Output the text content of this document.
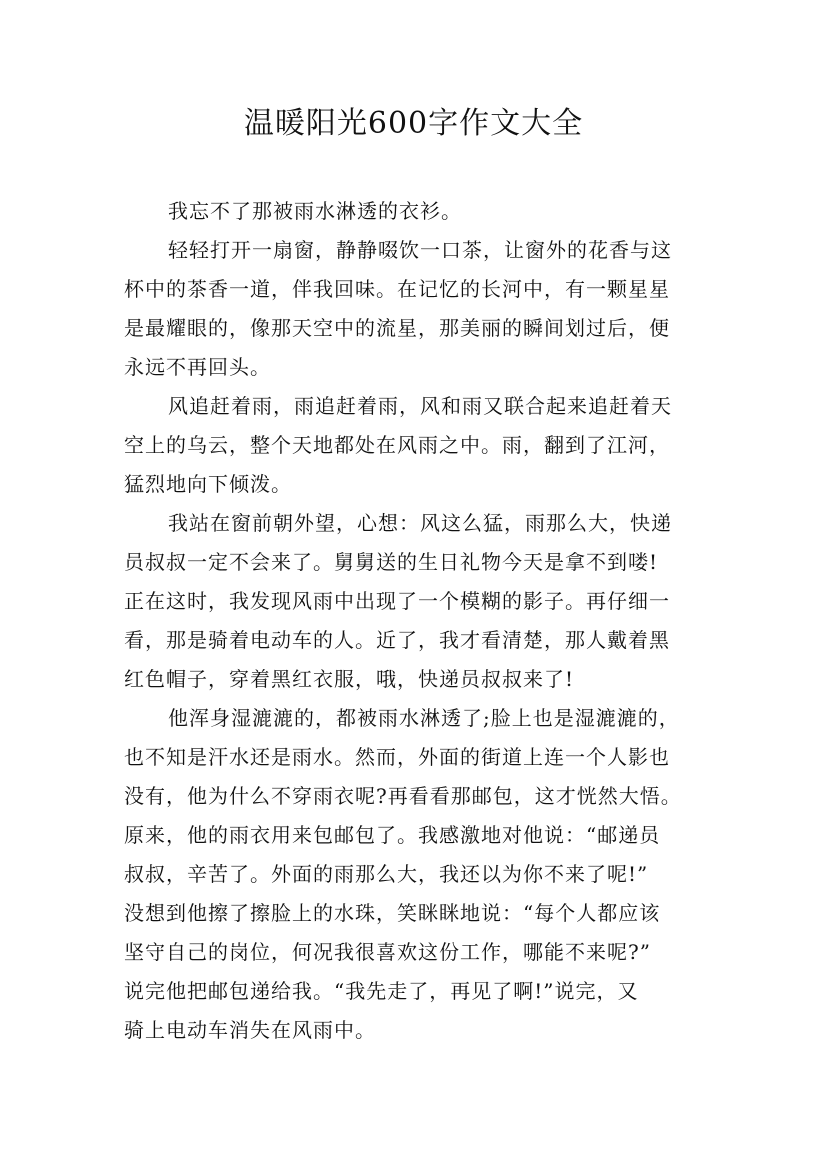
温暖阳光600字作文大全

我忘不了那被雨水淋透的衣衫。

轻轻打开一扇窗，静静啜饮一口茶，让窗外的花香与这
杯中的茶香一道，伴我回味。在记忆的长河中，有一颗星星
是最耀眼的，像那天空中的流星，那美丽的瞬间划过后，便
永远不再回头。

风追赶着雨，雨追赶着雨，风和雨又联合起来追赶着天
空上的乌云，整个天地都处在风雨之中。雨，翻到了江河，
猛烈地向下倾泼。

我站在窗前朝外望，心想：风这么猛，雨那么大，快递
员叔叔一定不会来了。舅舅送的生日礼物今天是拿不到喽!
正在这时，我发现风雨中出现了一个模糊的影子。再仔细一
看，那是骑着电动车的人。近了，我才看清楚，那人戴着黑
红色帽子，穿着黑红衣服，哦，快递员叔叔来了!

他浑身湿漉漉的，都被雨水淋透了;脸上也是湿漉漉的，
也不知是汗水还是雨水。然而，外面的街道上连一个人影也
没有，他为什么不穿雨衣呢?再看看那邮包，这才恍然大悟。
原来，他的雨衣用来包邮包了。我感激地对他说：“邮递员
叔叔，辛苦了。外面的雨那么大，我还以为你不来了呢!”
没想到他擦了擦脸上的水珠，笑眯眯地说：“每个人都应该
坚守自己的岗位，何况我很喜欢这份工作，哪能不来呢?”
说完他把邮包递给我。“我先走了，再见了啊!”说完，又
骑上电动车消失在风雨中。
